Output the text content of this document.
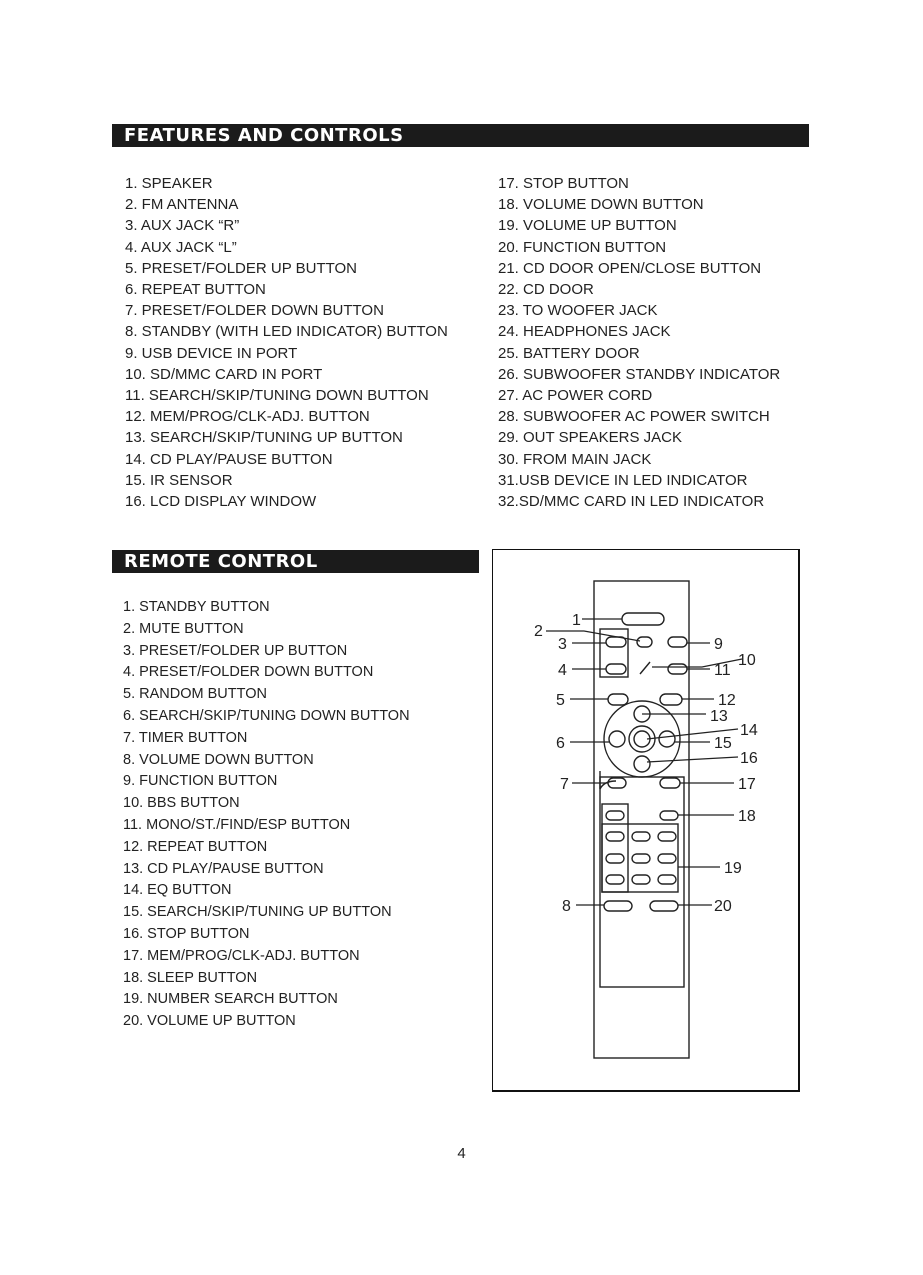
FEATURES AND CONTROLS
1. SPEAKER
2. FM ANTENNA
3. AUX JACK “R”
4. AUX JACK “L”
5. PRESET/FOLDER UP BUTTON
6. REPEAT BUTTON
7. PRESET/FOLDER DOWN BUTTON
8. STANDBY (WITH LED INDICATOR) BUTTON
9. USB DEVICE IN PORT
10. SD/MMC CARD IN PORT
11. SEARCH/SKIP/TUNING DOWN BUTTON
12. MEM/PROG/CLK-ADJ. BUTTON
13. SEARCH/SKIP/TUNING UP BUTTON
14. CD PLAY/PAUSE BUTTON
15. IR SENSOR
16. LCD DISPLAY WINDOW
17. STOP BUTTON
18. VOLUME DOWN BUTTON
19. VOLUME UP BUTTON
20. FUNCTION BUTTON
21. CD DOOR OPEN/CLOSE BUTTON
22. CD DOOR
23. TO WOOFER JACK
24. HEADPHONES JACK
25. BATTERY DOOR
26. SUBWOOFER STANDBY INDICATOR
27. AC POWER CORD
28. SUBWOOFER AC POWER SWITCH
29. OUT SPEAKERS JACK
30. FROM MAIN JACK
31.USB DEVICE IN LED INDICATOR
32.SD/MMC CARD IN LED INDICATOR
REMOTE CONTROL
1. STANDBY BUTTON
2. MUTE BUTTON
3. PRESET/FOLDER UP BUTTON
4. PRESET/FOLDER DOWN BUTTON
5. RANDOM BUTTON
6. SEARCH/SKIP/TUNING DOWN BUTTON
7. TIMER BUTTON
8. VOLUME DOWN BUTTON
9. FUNCTION BUTTON
10. BBS BUTTON
11. MONO/ST./FIND/ESP BUTTON
12. REPEAT BUTTON
13. CD PLAY/PAUSE BUTTON
14. EQ BUTTON
15. SEARCH/SKIP/TUNING UP BUTTON
16. STOP BUTTON
17. MEM/PROG/CLK-ADJ. BUTTON
18. SLEEP BUTTON
19. NUMBER SEARCH BUTTON
20. VOLUME UP BUTTON
1
2
3
4
5
6
7
8
9
10
11
12
13
14
15
16
17
18
19
20
4
